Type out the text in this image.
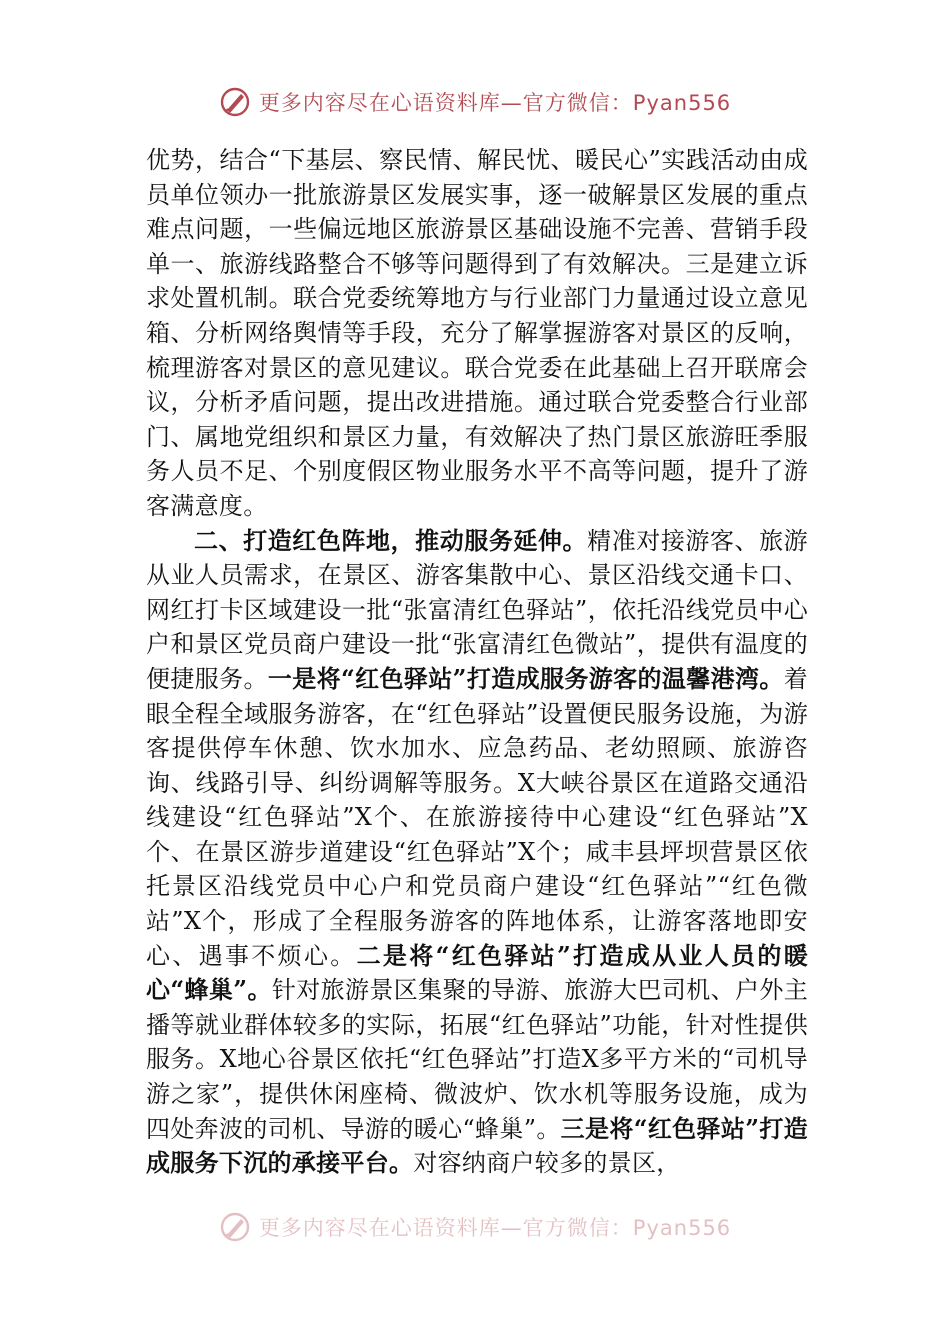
更多内容尽在心语资料库—官方微信：Pyan556

优势，结合“下基层、察民情、解民忧、暖民心”实践活动由成员单位领办一批旅游景区发展实事，逐一破解景区发展的重点难点问题，一些偏远地区旅游景区基础设施不完善、营销手段单一、旅游线路整合不够等问题得到了有效解决。三是建立诉求处置机制。联合党委统筹地方与行业部门力量通过设立意见箱、分析网络舆情等手段，充分了解掌握游客对景区的反响，梳理游客对景区的意见建议。联合党委在此基础上召开联席会议，分析矛盾问题，提出改进措施。通过联合党委整合行业部门、属地党组织和景区力量，有效解决了热门景区旅游旺季服务人员不足、个别度假区物业服务水平不高等问题，提升了游客满意度。

二、打造红色阵地，推动服务延伸。精准对接游客、旅游从业人员需求，在景区、游客集散中心、景区沿线交通卡口、网红打卡区域建设一批“张富清红色驿站”，依托沿线党员中心户和景区党员商户建设一批“张富清红色微站”，提供有温度的便捷服务。一是将“红色驿站”打造成服务游客的温馨港湾。着眼全程全域服务游客，在“红色驿站”设置便民服务设施，为游客提供停车休憩、饮水加水、应急药品、老幼照顾、旅游咨询、线路引导、纠纷调解等服务。X大峡谷景区在道路交通沿线建设“红色驿站”X个、在旅游接待中心建设“红色驿站”X个、在景区游步道建设“红色驿站”X个；咸丰县坪坝营景区依托景区沿线党员中心户和党员商户建设“红色驿站”“红色微站”X个，形成了全程服务游客的阵地体系，让游客落地即安心、遇事不烦心。二是将“红色驿站”打造成从业人员的暖心“蜂巢”。针对旅游景区集聚的导游、旅游大巴司机、户外主播等就业群体较多的实际，拓展“红色驿站”功能，针对性提供服务。X地心谷景区依托“红色驿站”打造X多平方米的“司机导游之家”，提供休闲座椅、微波炉、饮水机等服务设施，成为四处奔波的司机、导游的暖心“蜂巢”。三是将“红色驿站”打造成服务下沉的承接平台。对容纳商户较多的景区，

更多内容尽在心语资料库—官方微信：Pyan556
